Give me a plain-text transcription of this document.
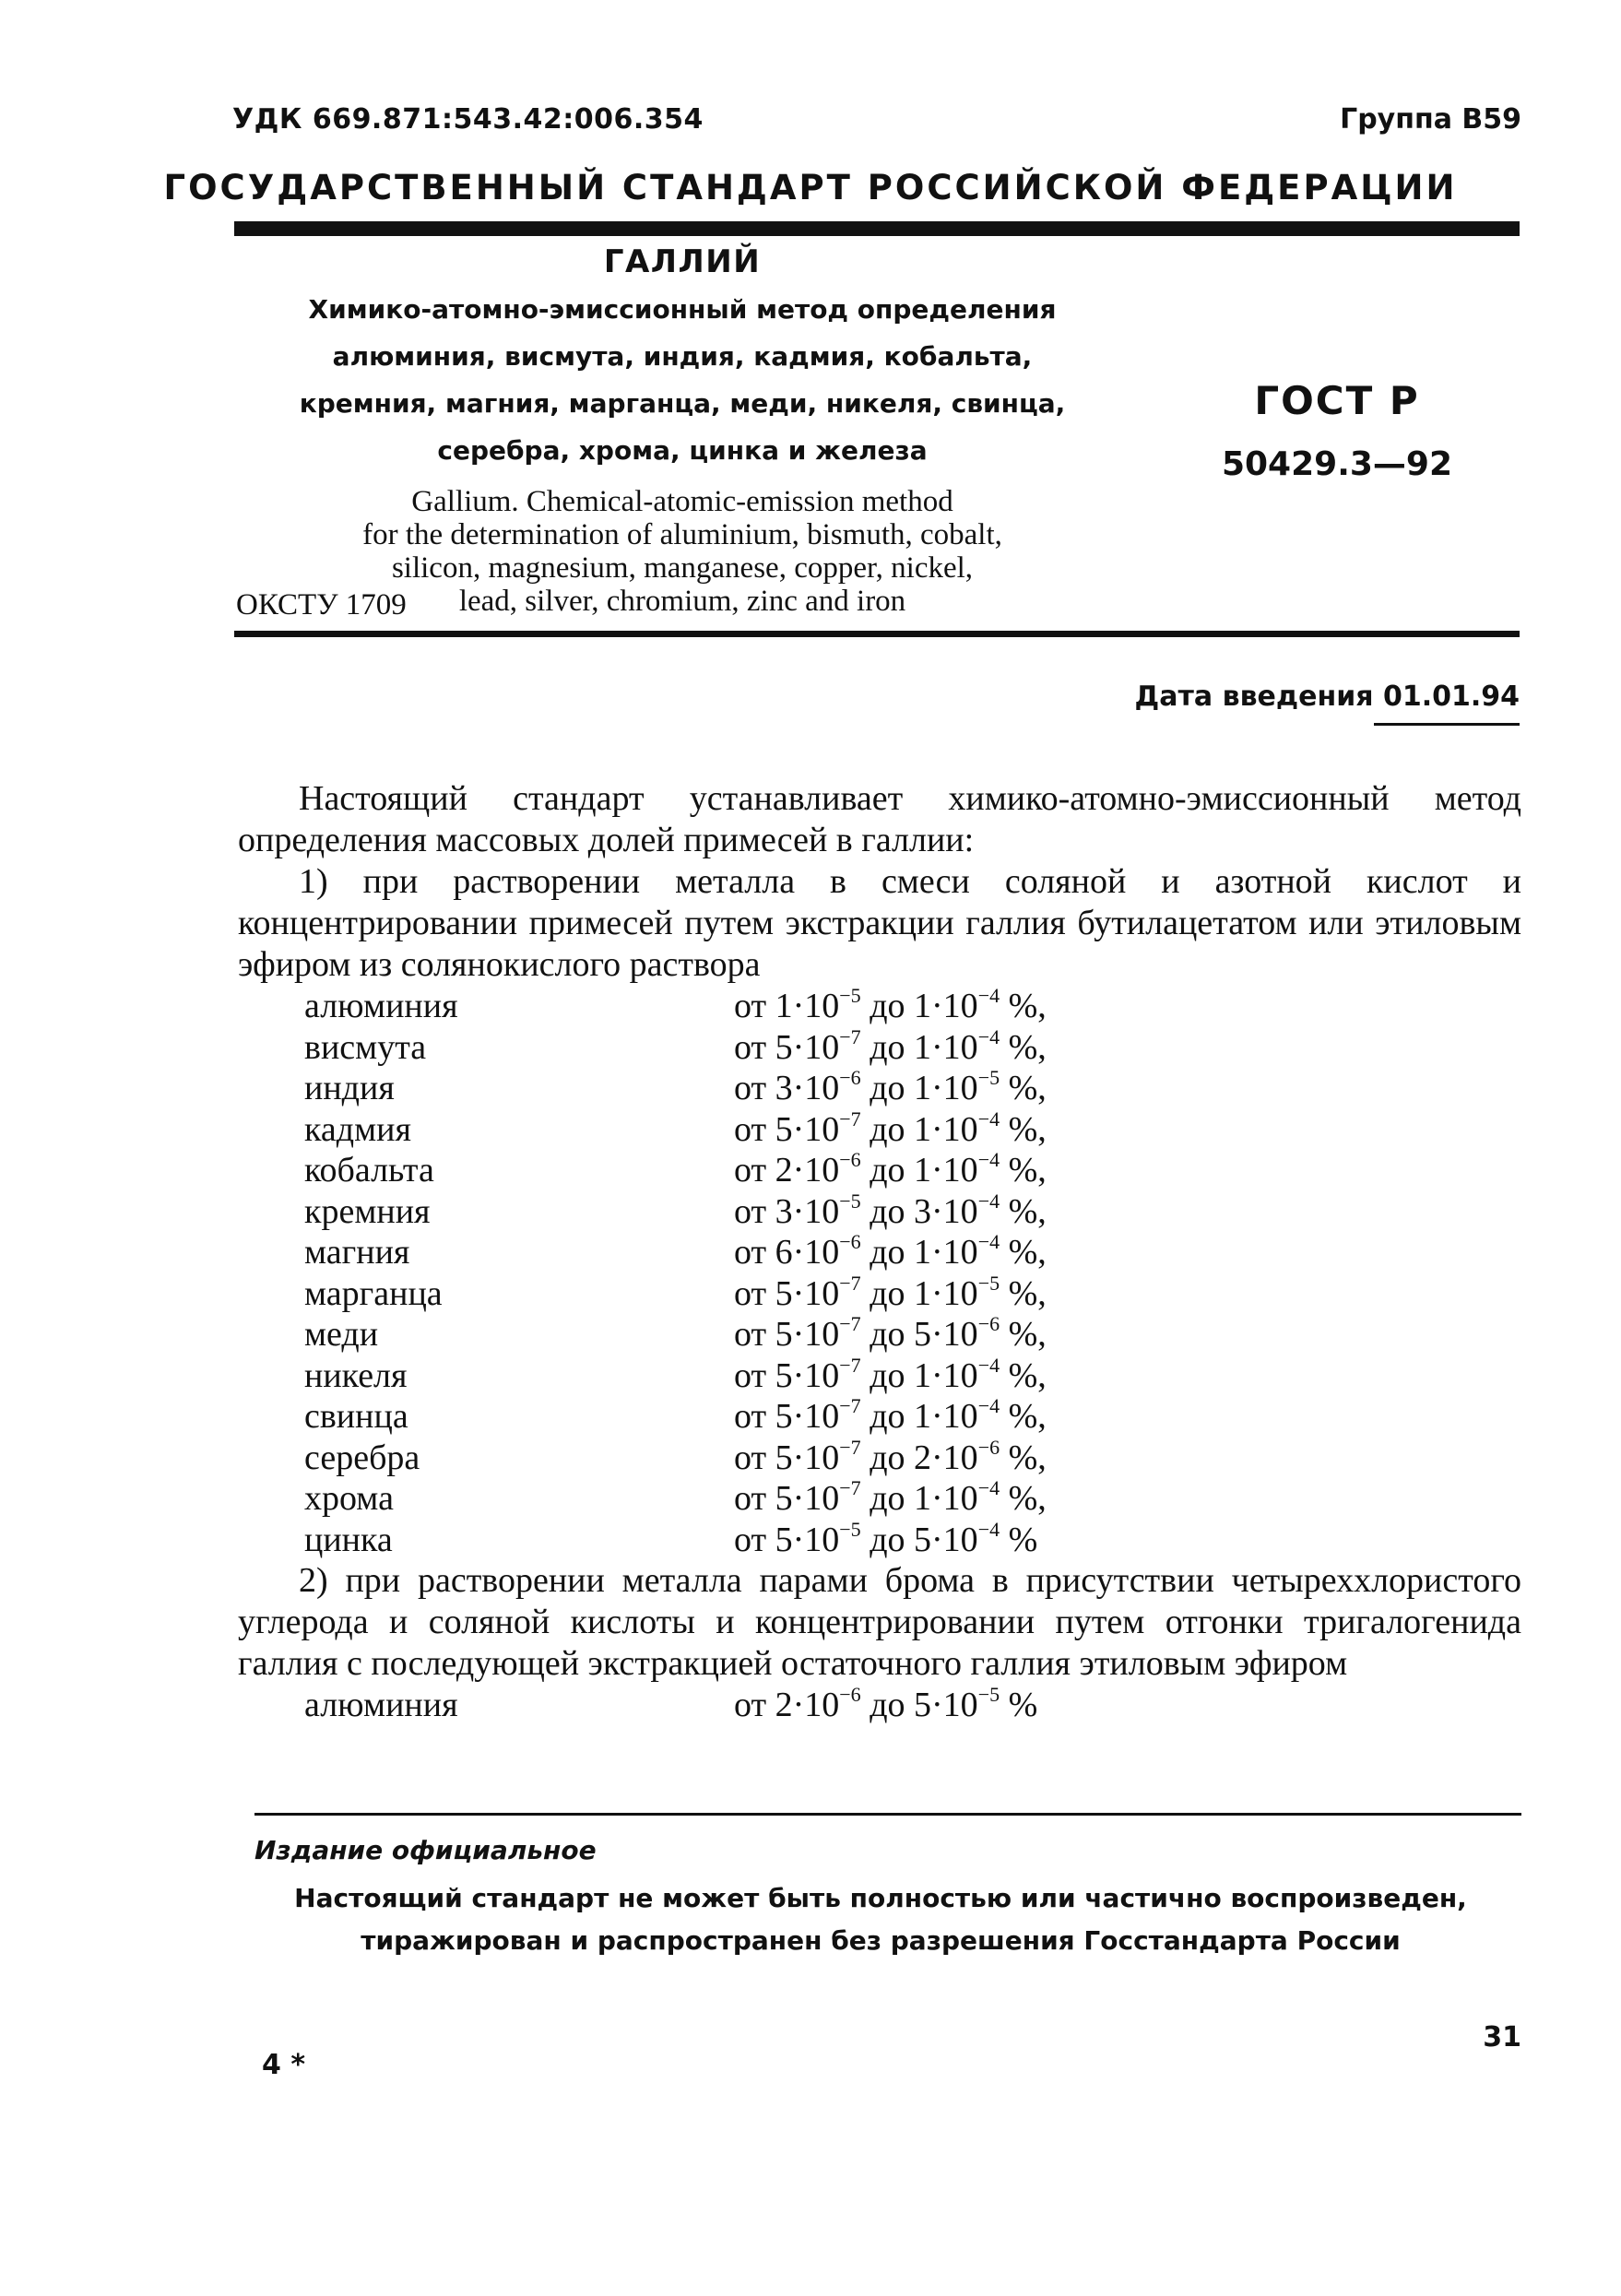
УДК 669.871:543.42:006.354	Группа В59
ГОСУДАРСТВЕННЫЙ СТАНДАРТ РОССИЙСКОЙ ФЕДЕРАЦИИ
ГАЛЛИЙ
Химико-атомно-эмиссионный метод определения
алюминия, висмута, индия, кадмия, кобальта,
кремния, магния, марганца, меди, никеля, свинца,
серебра, хрома, цинка и железа
Gallium. Chemical-atomic-emission method
for the determination of aluminium, bismuth, cobalt,
silicon, magnesium, manganese, copper, nickel,
lead, silver, chromium, zinc and iron
ОКСТУ 1709
ГОСТ Р
50429.3—92
Дата введения 01.01.94

Настоящий стандарт устанавливает химико-атомно-эмиссионный метод определения массовых долей примесей в галлии:

1) при растворении металла в смеси соляной и азотной кислот и концентрировании примесей путем экстракции галлия бутилацетатом или этиловым эфиром из солянокислого раствора

алюминия	от $1\cdot 10^{-5}$ до $1\cdot 10^{-4}$ %,
висмута	от $5\cdot 10^{-7}$ до $1\cdot 10^{-4}$ %,
индия	от $3\cdot 10^{-6}$ до $1\cdot 10^{-5}$ %,
кадмия	от $5\cdot 10^{-7}$ до $1\cdot 10^{-4}$ %,
кобальта	от $2\cdot 10^{-6}$ до $1\cdot 10^{-4}$ %,
кремния	от $3\cdot 10^{-5}$ до $3\cdot 10^{-4}$ %,
магния	от $6\cdot 10^{-6}$ до $1\cdot 10^{-4}$ %,
марганца	от $5\cdot 10^{-7}$ до $1\cdot 10^{-5}$ %,
меди	от $5\cdot 10^{-7}$ до $5\cdot 10^{-6}$ %,
никеля	от $5\cdot 10^{-7}$ до $1\cdot 10^{-4}$ %,
свинца	от $5\cdot 10^{-7}$ до $1\cdot 10^{-4}$ %,
серебра	от $5\cdot 10^{-7}$ до $2\cdot 10^{-6}$ %,
хрома	от $5\cdot 10^{-7}$ до $1\cdot 10^{-4}$ %,
цинка	от $5\cdot 10^{-5}$ до $5\cdot 10^{-4}$ %

2) при растворении металла парами брома в присутствии четыреххлористого углерода и соляной кислоты и концентрировании путем отгонки тригалогенида галлия с последующей экстракцией остаточного галлия этиловым эфиром

алюминия	от $2\cdot 10^{-6}$ до $5\cdot 10^{-5}$ %
Издание официальное
Настоящий стандарт не может быть полностью или частично воспроизведен,
тиражирован и распространен без разрешения Госстандарта России
31
4 *
